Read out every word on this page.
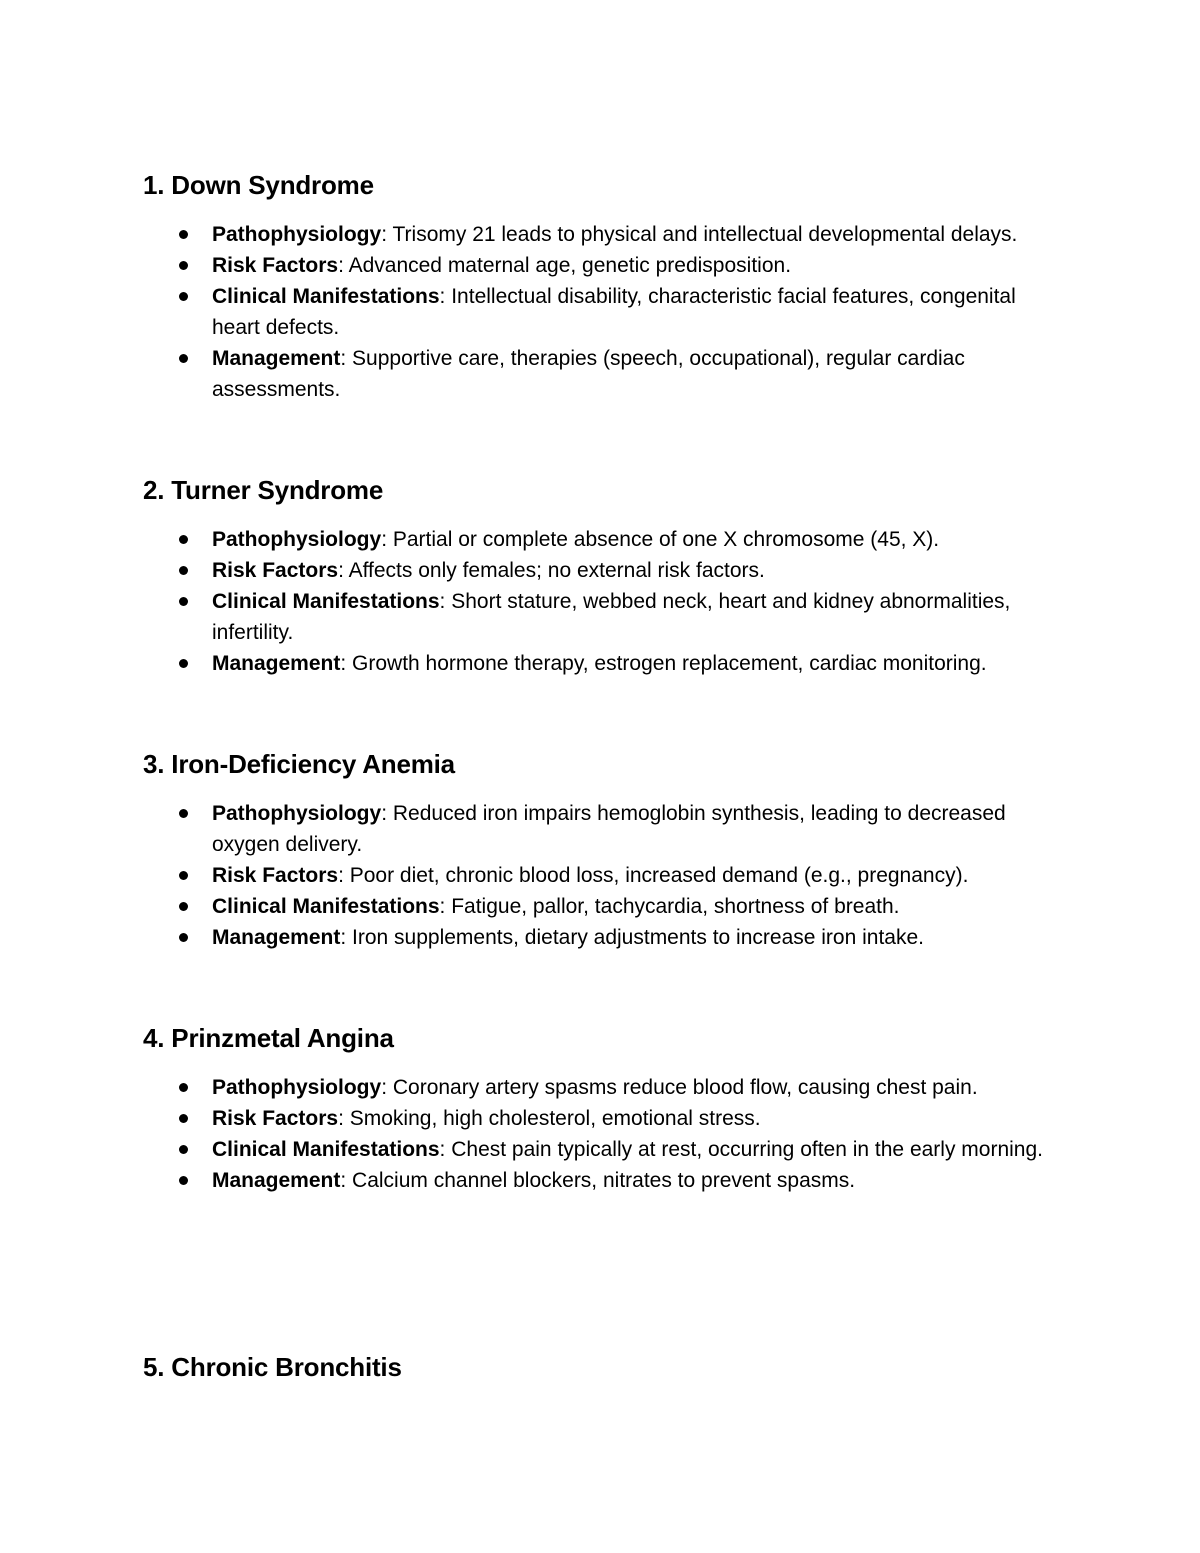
1. Down Syndrome
Pathophysiology: Trisomy 21 leads to physical and intellectual developmental delays.
Risk Factors: Advanced maternal age, genetic predisposition.
Clinical Manifestations: Intellectual disability, characteristic facial features, congenital heart defects.
Management: Supportive care, therapies (speech, occupational), regular cardiac assessments.
2. Turner Syndrome
Pathophysiology: Partial or complete absence of one X chromosome (45, X).
Risk Factors: Affects only females; no external risk factors.
Clinical Manifestations: Short stature, webbed neck, heart and kidney abnormalities, infertility.
Management: Growth hormone therapy, estrogen replacement, cardiac monitoring.
3. Iron-Deficiency Anemia
Pathophysiology: Reduced iron impairs hemoglobin synthesis, leading to decreased oxygen delivery.
Risk Factors: Poor diet, chronic blood loss, increased demand (e.g., pregnancy).
Clinical Manifestations: Fatigue, pallor, tachycardia, shortness of breath.
Management: Iron supplements, dietary adjustments to increase iron intake.
4. Prinzmetal Angina
Pathophysiology: Coronary artery spasms reduce blood flow, causing chest pain.
Risk Factors: Smoking, high cholesterol, emotional stress.
Clinical Manifestations: Chest pain typically at rest, occurring often in the early morning.
Management: Calcium channel blockers, nitrates to prevent spasms.
5. Chronic Bronchitis
